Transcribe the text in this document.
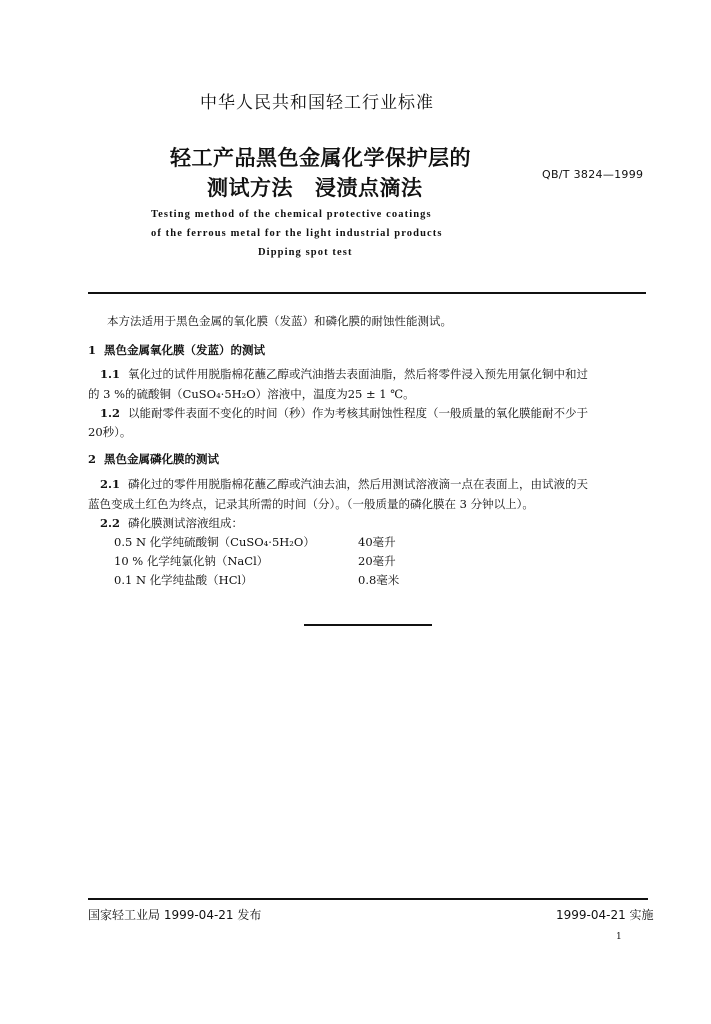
中华人民共和国轻工行业标准
轻工产品黑色金属化学保护层的
测试方法 浸渍点滴法
QB/T 3824—1999
Testing method of the chemical protective coatings
of the ferrous metal for the light industrial products
Dipping spot test
本方法适用于黑色金属的氧化膜（发蓝）和磷化膜的耐蚀性能测试。
1 黑色金属氧化膜（发蓝）的测试
1.1 氧化过的试件用脱脂棉花蘸乙醇或汽油揩去表面油脂，然后将零件浸入预先用氯化铜中和过
的 3 %的硫酸铜（CuSO₄·5H₂O）溶液中，温度为25 ± 1 ℃。
1.2 以能耐零件表面不变化的时间（秒）作为考核其耐蚀性程度（一般质量的氧化膜能耐不少于
20秒）。
2 黑色金属磷化膜的测试
2.1 磷化过的零件用脱脂棉花蘸乙醇或汽油去油，然后用测试溶液滴一点在表面上，由试液的天
蓝色变成土红色为终点，记录其所需的时间（分）。（一般质量的磷化膜在 3 分钟以上）。
2.2 磷化膜测试溶液组成：
0.5 N 化学纯硫酸铜（CuSO₄·5H₂O）	40毫升
10 % 化学纯氯化钠（NaCl）	20毫升
0.1 N 化学纯盐酸（HCl）	0.8毫米
国家轻工业局 1999-04-21 发布	1999-04-21 实施
1
